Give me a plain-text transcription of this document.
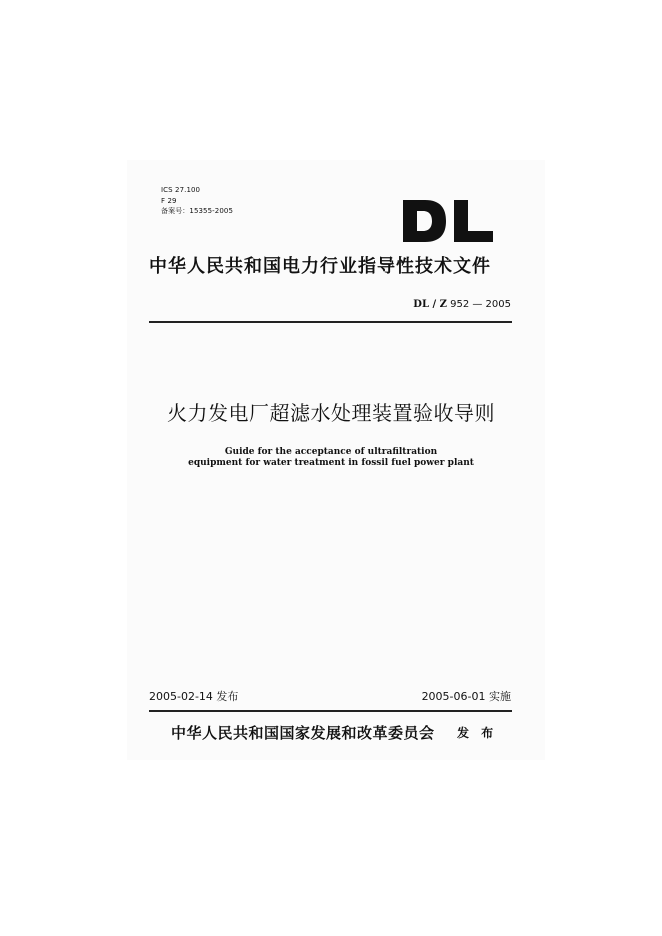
ICS 27.100
F 29
备案号：15355-2005
中华人民共和国电力行业指导性技术文件
DL / Z 952 — 2005
火力发电厂超滤水处理装置验收导则
Guide for the acceptance of ultrafiltration
equipment for water treatment in fossil fuel power plant
2005-02-14 发布	2005-06-01 实施
中华人民共和国国家发展和改革委员会 发 布
